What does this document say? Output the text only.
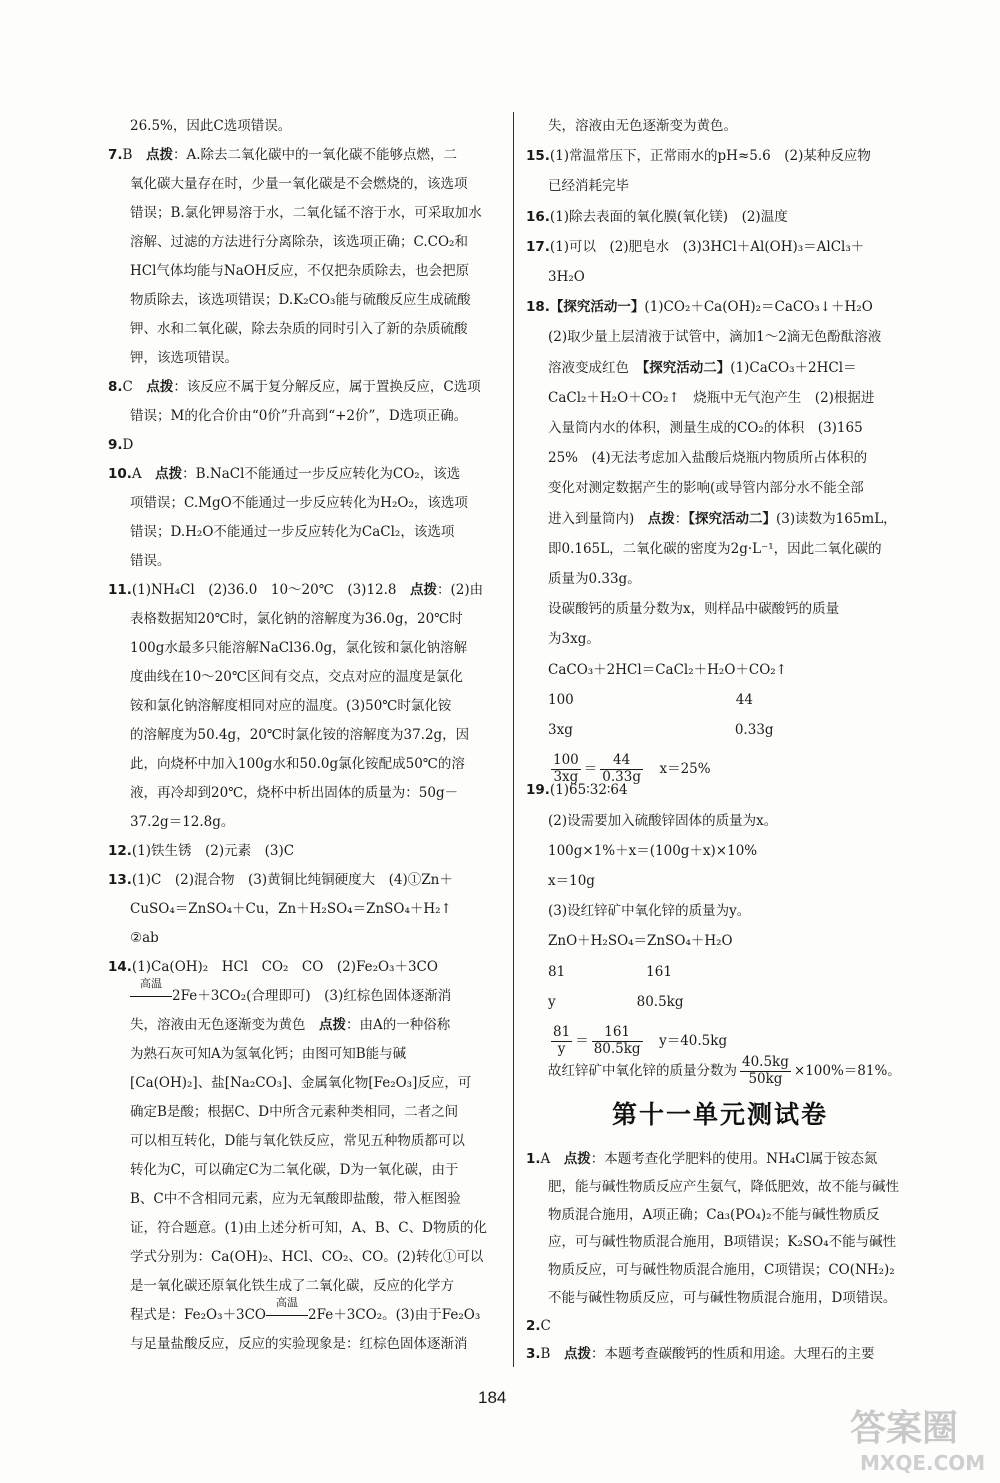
26.5%，因此C选项错误。
7.B　点拨：A.除去二氧化碳中的一氧化碳不能够点燃，二
氧化碳大量存在时，少量一氧化碳是不会燃烧的，该选项
错误；B.氯化钾易溶于水，二氧化锰不溶于水，可采取加水
溶解、过滤的方法进行分离除杂，该选项正确；C.CO₂和
HCl气体均能与NaOH反应，不仅把杂质除去，也会把原
物质除去，该选项错误；D.K₂CO₃能与硫酸反应生成硫酸
钾、水和二氧化碳，除去杂质的同时引入了新的杂质硫酸
钾，该选项错误。
8.C　点拨：该反应不属于复分解反应，属于置换反应，C选项
错误；M的化合价由“0价”升高到“+2价”，D选项正确。
9.D
10.A　点拨：B.NaCl不能通过一步反应转化为CO₂，该选
项错误；C.MgO不能通过一步反应转化为H₂O₂，该选项
错误；D.H₂O不能通过一步反应转化为CaCl₂，该选项
错误。
11.(1)NH₄Cl　(2)36.0　10～20℃　(3)12.8　点拨：(2)由
表格数据知20℃时，氯化钠的溶解度为36.0g，20℃时
100g水最多只能溶解NaCl36.0g，氯化铵和氯化钠溶解
度曲线在10～20℃区间有交点，交点对应的温度是氯化
铵和氯化钠溶解度相同对应的温度。(3)50℃时氯化铵
的溶解度为50.4g，20℃时氯化铵的溶解度为37.2g，因
此，向烧杯中加入100g水和50.0g氯化铵配成50℃的溶
液，再冷却到20℃，烧杯中析出固体的质量为：50g－
37.2g＝12.8g。
12.(1)铁生锈　(2)元素　(3)C
13.(1)C　(2)混合物　(3)黄铜比纯铜硬度大　(4)①Zn＋
CuSO₄＝ZnSO₄＋Cu，Zn＋H₂SO₄＝ZnSO₄＋H₂↑
②ab
14.(1)Ca(OH)₂　HCl　CO₂　CO　(2)Fe₂O₃＋3CO
高温
2Fe＋3CO₂(合理即可)　(3)红棕色固体逐渐消
失，溶液由无色逐渐变为黄色　点拨：由A的一种俗称
为熟石灰可知A为氢氧化钙；由图可知B能与碱
[Ca(OH)₂]、盐[Na₂CO₃]、金属氧化物[Fe₂O₃]反应，可
确定B是酸；根据C、D中所含元素种类相同，二者之间
可以相互转化，D能与氧化铁反应，常见五种物质都可以
转化为C，可以确定C为二氧化碳，D为一氧化碳，由于
B、C中不含相同元素，应为无氧酸即盐酸，带入框图验
证，符合题意。(1)由上述分析可知，A、B、C、D物质的化
学式分别为：Ca(OH)₂、HCl、CO₂、CO。(2)转化①可以
是一氧化碳还原氧化铁生成了二氧化碳，反应的化学方
程式是：Fe₂O₃＋3CO
高温
2Fe＋3CO₂。(3)由于Fe₂O₃
与足量盐酸反应，反应的实验现象是：红棕色固体逐渐消
失，溶液由无色逐渐变为黄色。
15.(1)常温常压下，正常雨水的pH≈5.6　(2)某种反应物
已经消耗完毕
16.(1)除去表面的氧化膜(氧化镁)　(2)温度
17.(1)可以　(2)肥皂水　(3)3HCl＋Al(OH)₃＝AlCl₃＋
3H₂O
18.【探究活动一】(1)CO₂＋Ca(OH)₂＝CaCO₃↓＋H₂O
(2)取少量上层清液于试管中，滴加1～2滴无色酚酞溶液
溶液变成红色　【探究活动二】(1)CaCO₃＋2HCl＝
CaCl₂＋H₂O＋CO₂↑　烧瓶中无气泡产生　(2)根据进
入量筒内水的体积，测量生成的CO₂的体积　(3)165
25%　(4)无法考虑加入盐酸后烧瓶内物质所占体积的
变化对测定数据产生的影响(或导管内部分水不能全部
进入到量筒内)　点拨：【探究活动二】(3)读数为165mL，
即0.165L，二氧化碳的密度为2g·L⁻¹，因此二氧化碳的
质量为0.33g。
设碳酸钙的质量分数为x，则样品中碳酸钙的质量
为3xg。
CaCO₃＋2HCl＝CaCl₂＋H₂O＋CO₂↑
100　　　　　　　　　　　　44
3xg　　　　　　　　　　　　0.33g
$\frac{100}{3xg} = \frac{44}{0.33g}$ 　x＝25%
19.(1)65∶32∶64
(2)设需要加入硫酸锌固体的质量为x。
100g×1%＋x＝(100g＋x)×10%
x＝10g
(3)设红锌矿中氧化锌的质量为y。
ZnO＋H₂SO₄＝ZnSO₄＋H₂O
81　　　　　　161
y　　　　　　80.5kg
$\frac{81}{y} = \frac{161}{80.5kg}$ 　y＝40.5kg
故红锌矿中氧化锌的质量分数为 $\frac{40.5kg}{50kg} \times 100\%=81\%$。
1.A　点拨：本题考查化学肥料的使用。NH₄Cl属于铵态氮
肥，能与碱性物质反应产生氨气，降低肥效，故不能与碱性
物质混合施用，A项正确；Ca₃(PO₄)₂不能与碱性物质反
应，可与碱性物质混合施用，B项错误；K₂SO₄不能与碱性
物质反应，可与碱性物质混合施用，C项错误；CO(NH₂)₂
不能与碱性物质反应，可与碱性物质混合施用，D项错误。
2.C
3.B　点拨：本题考查碳酸钙的性质和用途。大理石的主要
第十一单元测试卷
184
答案圈
MXQE.COM
